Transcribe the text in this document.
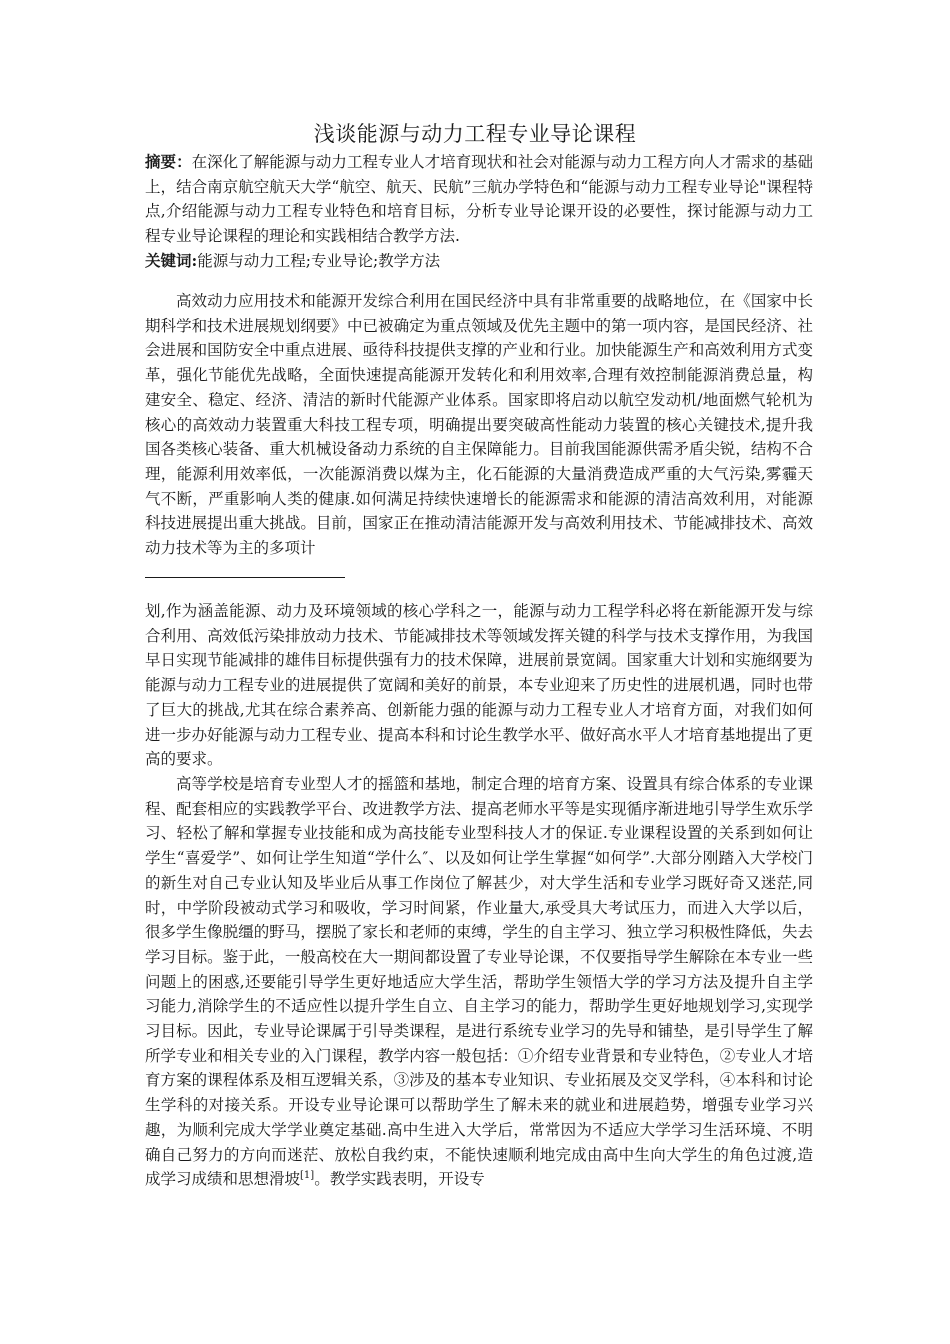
浅谈能源与动力工程专业导论课程
摘要：在深化了解能源与动力工程专业人才培育现状和社会对能源与动力工程方向人才需求的基础上，结合南京航空航天大学“航空、航天、民航”三航办学特色和“能源与动力工程专业导论"课程特点,介绍能源与动力工程专业特色和培育目标，分析专业导论课开设的必要性，探讨能源与动力工程专业导论课程的理论和实践相结合教学方法.
关键词:能源与动力工程;专业导论;教学方法
高效动力应用技术和能源开发综合利用在国民经济中具有非常重要的战略地位，在《国家中长期科学和技术进展规划纲要》中已被确定为重点领域及优先主题中的第一项内容，是国民经济、社会进展和国防安全中重点进展、亟待科技提供支撑的产业和行业。加快能源生产和高效利用方式变革，强化节能优先战略，全面快速提高能源开发转化和利用效率,合理有效控制能源消费总量，构建安全、稳定、经济、清洁的新时代能源产业体系。国家即将启动以航空发动机/地面燃气轮机为核心的高效动力装置重大科技工程专项，明确提出要突破高性能动力装置的核心关键技术,提升我国各类核心装备、重大机械设备动力系统的自主保障能力。目前我国能源供需矛盾尖锐，结构不合理，能源利用效率低，一次能源消费以煤为主，化石能源的大量消费造成严重的大气污染,雾霾天气不断，严重影响人类的健康.如何满足持续快速增长的能源需求和能源的清洁高效利用，对能源科技进展提出重大挑战。目前，国家正在推动清洁能源开发与高效利用技术、节能减排技术、高效动力技术等为主的多项计
划,作为涵盖能源、动力及环境领域的核心学科之一，能源与动力工程学科必将在新能源开发与综合利用、高效低污染排放动力技术、节能减排技术等领域发挥关键的科学与技术支撑作用，为我国早日实现节能减排的雄伟目标提供强有力的技术保障，进展前景宽阔。国家重大计划和实施纲要为能源与动力工程专业的进展提供了宽阔和美好的前景，本专业迎来了历史性的进展机遇，同时也带了巨大的挑战,尤其在综合素养高、创新能力强的能源与动力工程专业人才培育方面，对我们如何进一步办好能源与动力工程专业、提高本科和讨论生教学水平、做好高水平人才培育基地提出了更高的要求。
高等学校是培育专业型人才的摇篮和基地，制定合理的培育方案、设置具有综合体系的专业课程、配套相应的实践教学平台、改进教学方法、提高老师水平等是实现循序渐进地引导学生欢乐学习、轻松了解和掌握专业技能和成为高技能专业型科技人才的保证.专业课程设置的关系到如何让学生“喜爱学”、如何让学生知道“学什么″、以及如何让学生掌握“如何学”.大部分刚踏入大学校门的新生对自己专业认知及毕业后从事工作岗位了解甚少，对大学生活和专业学习既好奇又迷茫,同时，中学阶段被动式学习和吸收，学习时间紧，作业量大,承受具大考试压力，而进入大学以后，很多学生像脱缰的野马，摆脱了家长和老师的束缚，学生的自主学习、独立学习积极性降低，失去学习目标。鉴于此，一般高校在大一期间都设置了专业导论课，不仅要指导学生解除在本专业一些问题上的困惑,还要能引导学生更好地适应大学生活，帮助学生领悟大学的学习方法及提升自主学习能力,消除学生的不适应性以提升学生自立、自主学习的能力，帮助学生更好地规划学习,实现学习目标。因此，专业导论课属于引导类课程，是进行系统专业学习的先导和铺垫，是引导学生了解所学专业和相关专业的入门课程，教学内容一般包括：①介绍专业背景和专业特色，②专业人才培育方案的课程体系及相互逻辑关系，③涉及的基本专业知识、专业拓展及交叉学科，④本科和讨论生学科的对接关系。开设专业导论课可以帮助学生了解未来的就业和进展趋势，增强专业学习兴趣，为顺利完成大学学业奠定基础.高中生进入大学后，常常因为不适应大学学习生活环境、不明确自己努力的方向而迷茫、放松自我约束，不能快速顺利地完成由高中生向大学生的角色过渡,造成学习成绩和思想滑坡[1]。教学实践表明，开设专
